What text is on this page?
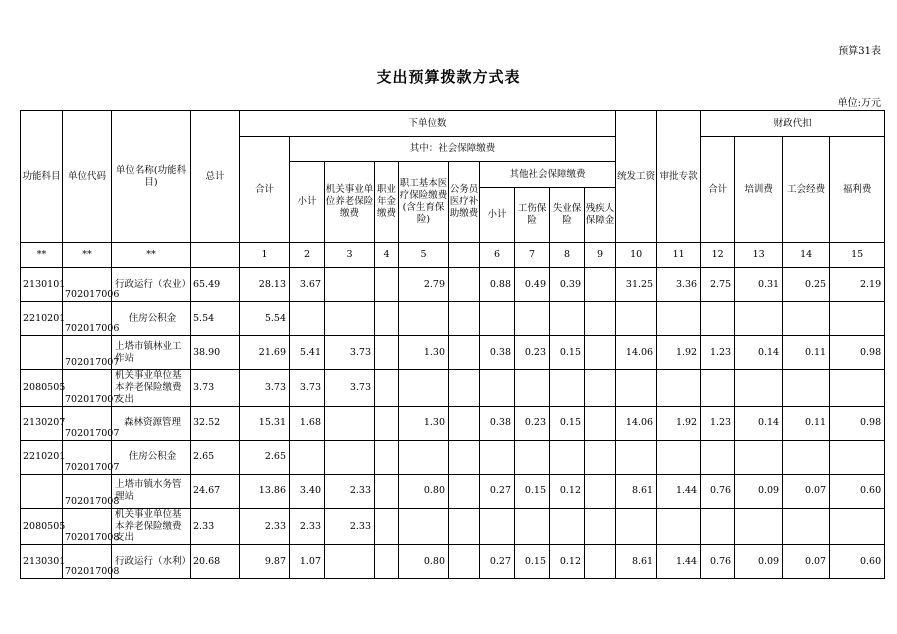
预算31表
支出预算拨款方式表
单位:万元
功能科目	单位代码	单位名称(功能科目)	总计	下单位数										统发工资	审批专款	财政代扣			
				合计	其中：社会保障缴费											合计	培训费	工会经费	福利费
					小计	机关事业单位养老保险缴费	职业年金缴费	职工基本医疗保险缴费(含生育保险)	公务员医疗补助缴费	其他社会保障缴费									
										小计	工伤保险	失业保险	残疾人保障金						
**	**	**		1	2	3	4	5		6	7	8	9	10	11	12	13	14	15
2130101	702017006	行政运行（农业）	65.49	28.13	3.67			2.79		0.88	0.49	0.39		31.25	3.36	2.75	0.31	0.25	2.19
2210201	702017006	住房公积金	5.54	5.54															
	702017007	上塔市镇林业工作站	38.90	21.69	5.41	3.73		1.30		0.38	0.23	0.15		14.06	1.92	1.23	0.14	0.11	0.98
2080505	702017007	机关事业单位基本养老保险缴费支出	3.73	3.73	3.73	3.73													
2130207	702017007	森林资源管理	32.52	15.31	1.68			1.30		0.38	0.23	0.15		14.06	1.92	1.23	0.14	0.11	0.98
2210201	702017007	住房公积金	2.65	2.65															
	702017008	上塔市镇水务管理站	24.67	13.86	3.40	2.33		0.80		0.27	0.15	0.12		8.61	1.44	0.76	0.09	0.07	0.60
2080505	702017008	机关事业单位基本养老保险缴费支出	2.33	2.33	2.33	2.33													
2130301	702017008	行政运行（水利）	20.68	9.87	1.07			0.80		0.27	0.15	0.12		8.61	1.44	0.76	0.09	0.07	0.60
